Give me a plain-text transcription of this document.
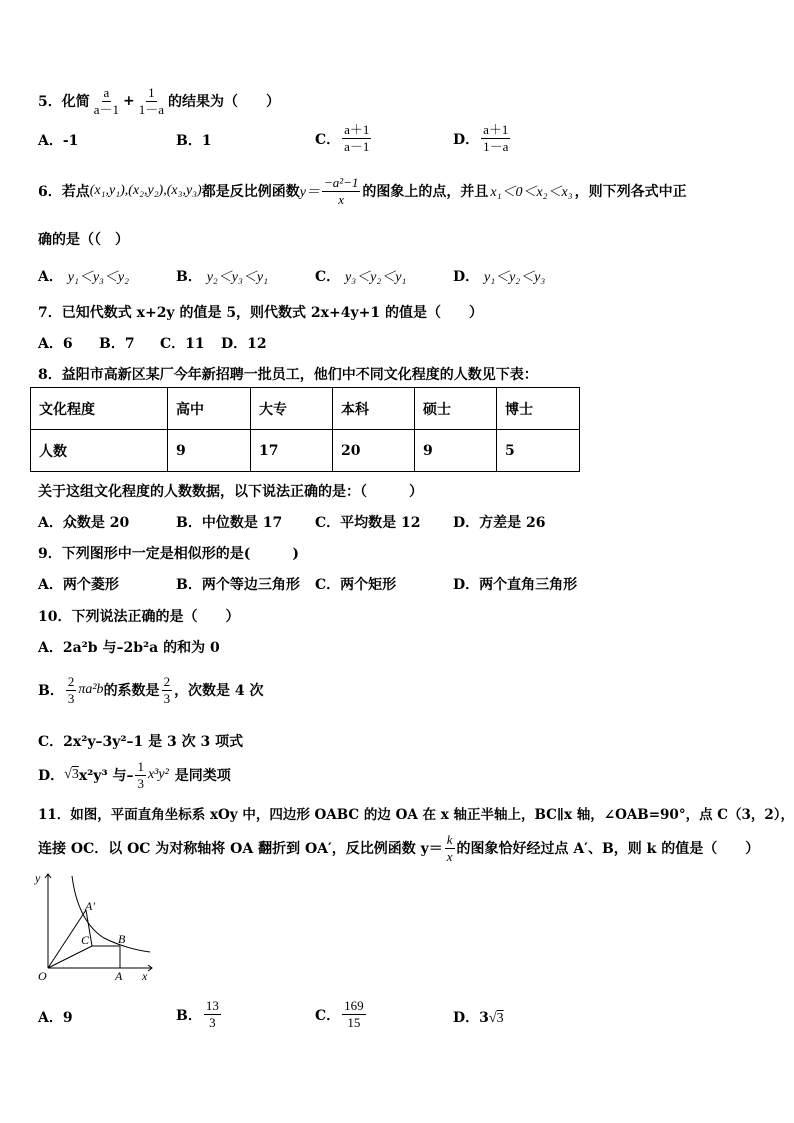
5．化简 $\frac{a}{a-1} + \frac{1}{1-a}$ 的结果为（　　）
A．-1	B．1	C． $\frac{a+1}{a-1}$	D． $\frac{a+1}{1-a}$
6．若点 (x₁,y₁),(x₂,y₂),(x₃,y₃) 都是反比例函数 $y= \frac{\text{−a²−1}}{x}$ 的图象上的点，并且 x₁＜0＜x₂＜x₃ ，则下列各式中正
确的是（（　）
A． y₁＜y₃＜y₂	B． y₂＜y₃＜y₁	C． y₃＜y₂＜y₁	D． y₁＜y₂＜y₃
7．已知代数式 x+2y 的值是 5，则代数式 2x+4y+1 的值是（　　）
A．6 B．7 C．11 D．12
8．益阳市高新区某厂今年新招聘一批员工，他们中不同文化程度的人数见下表：
文化程度	高中	大专	本科	硕士	博士
人数	9	17	20	9	5
关于这组文化程度的人数数据，以下说法正确的是：（　　　）
A．众数是 20	B．中位数是 17 C．平均数是 12 D．方差是 26
9．下列图形中一定是相似形的是(　　　)
A．两个菱形	B．两个等边三角形 C．两个矩形	D．两个直角三角形
10．下列说法正确的是（　　）
A．2a²b 与–2b²a 的和为 0
B． $\frac{2}{3} \pi a^2b$ 的系数是 $\frac{2}{3}$ ，次数是 4 次
C．2x²y–3y²–1 是 3 次 3 项式
D． √3 x²y³ 与– $\frac{1}{3} x^3y^2$ 是同类项
11．如图，平面直角坐标系 xOy 中，四边形 OABC 的边 OA 在 x 轴正半轴上，BC∥x 轴，∠OAB=90°，点 C（3，2），
连接 OC．以 OC 为对称轴将 OA 翻折到 OA′，反比例函数 $y= \frac{k}{x}$ 的图象恰好经过点 A′、B，则 k 的值是（　　）
y
x
O	A
B
C
A′
A．9	B． $\frac{13}{3}$	C． $\frac{169}{15}$	D．3√3
